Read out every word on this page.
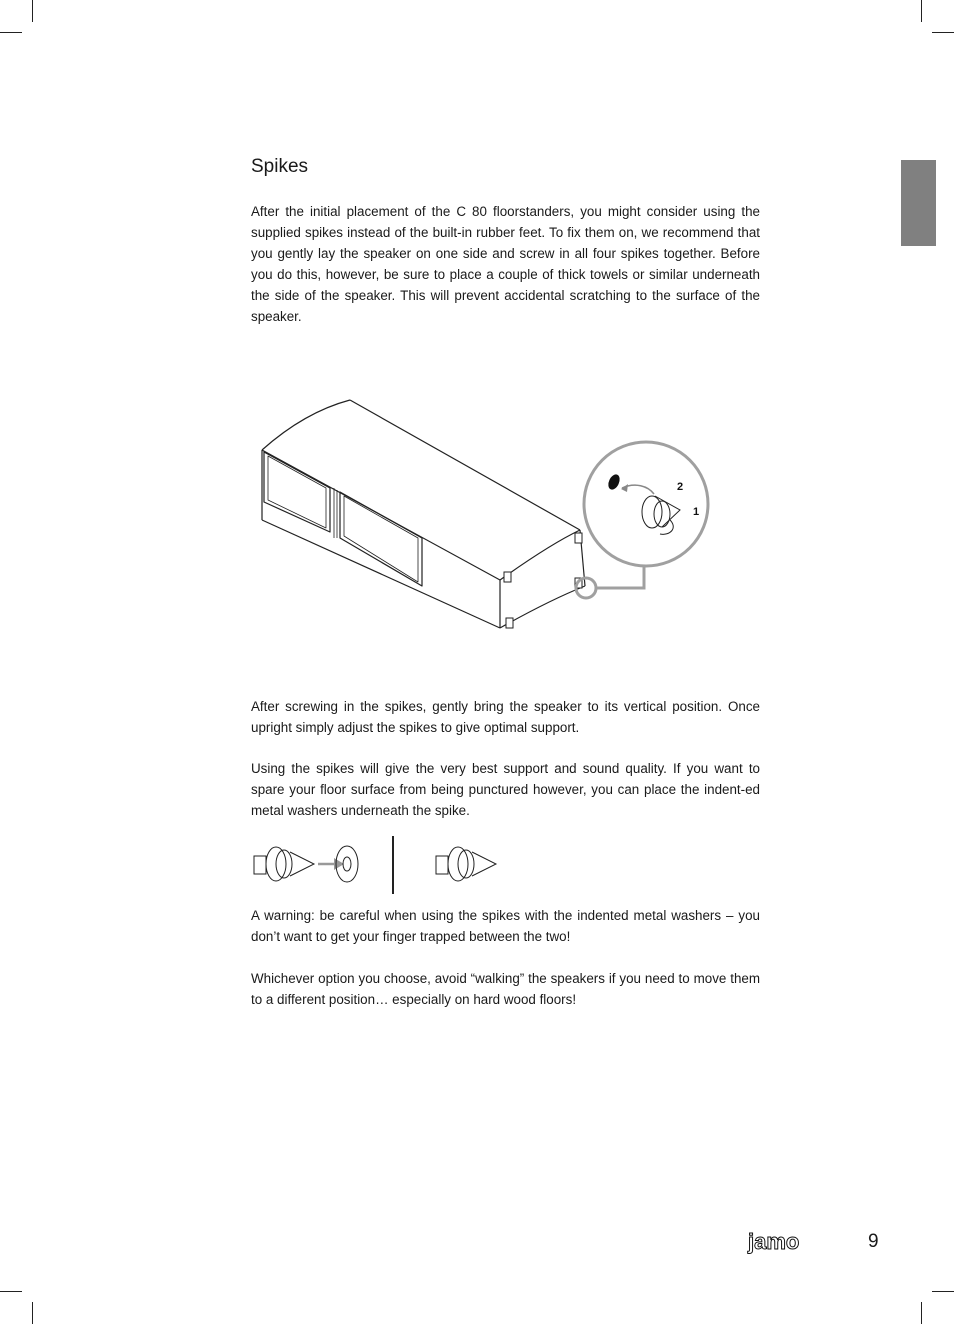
Spikes

After the initial placement of the C 80 floorstanders, you might consider using the supplied spikes instead of the built-in rubber feet. To fix them on, we recommend that you gently lay the speaker on one side and screw in all four spikes together. Before you do this, however, be sure to place a couple of thick towels or similar underneath the side of the speaker. This will prevent accidental scratching to the surface of the speaker.

2
1

After screwing in the spikes, gently bring the speaker to its vertical position. Once upright simply adjust the spikes to give optimal support.

Using the spikes will give the very best support and sound quality. If you want to spare your floor surface from being punctured however, you can place the indent-ed metal washers underneath the spike.

A warning: be careful when using the spikes with the indented metal washers – you don’t want to get your finger trapped between the two!

Whichever option you choose, avoid “walking” the speakers if you need to move them to a different position… especially on hard wood floors!

jamo	9
